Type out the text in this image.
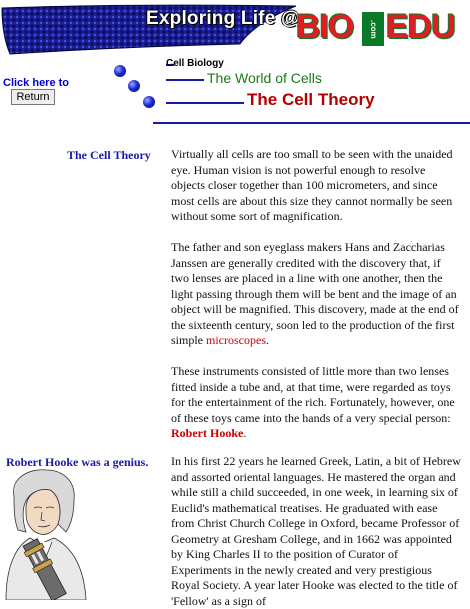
Exploring Life @
BIO	.com EDU
Click here to
Return
Cell Biology
The World of Cells
The Cell Theory
The Cell Theory
Robert Hooke was a genius.

Virtually all cells are too small to be seen with the unaided eye. Human vision is not powerful enough to resolve objects closer together than 100 micrometers, and since most cells are about this size they cannot normally be seen without some sort of magnification.

The father and son eyeglass makers Hans and Zaccharias Janssen are generally credited with the discovery that, if two lenses are placed in a line with one another, then the light passing through them will be bent and the image of an object will be magnified. This discovery, made at the end of the sixteenth century, soon led to the production of the first simple microscopes.

These instruments consisted of little more than two lenses fitted inside a tube and, at that time, were regarded as toys for the entertainment of the rich. Fortunately, however, one of these toys came into the hands of a very special person: Robert Hooke.

In his first 22 years he learned Greek, Latin, a bit of Hebrew and assorted oriental languages. He mastered the organ and while still a child succeeded, in one week, in learning six of Euclid's mathematical treatises. He graduated with ease from Christ Church College in Oxford, became Professor of Geometry at Gresham College, and in 1662 was appointed by King Charles II to the position of Curator of Experiments in the newly created and very prestigious Royal Society. A year later Hooke was elected to the title of 'Fellow' as a sign of
